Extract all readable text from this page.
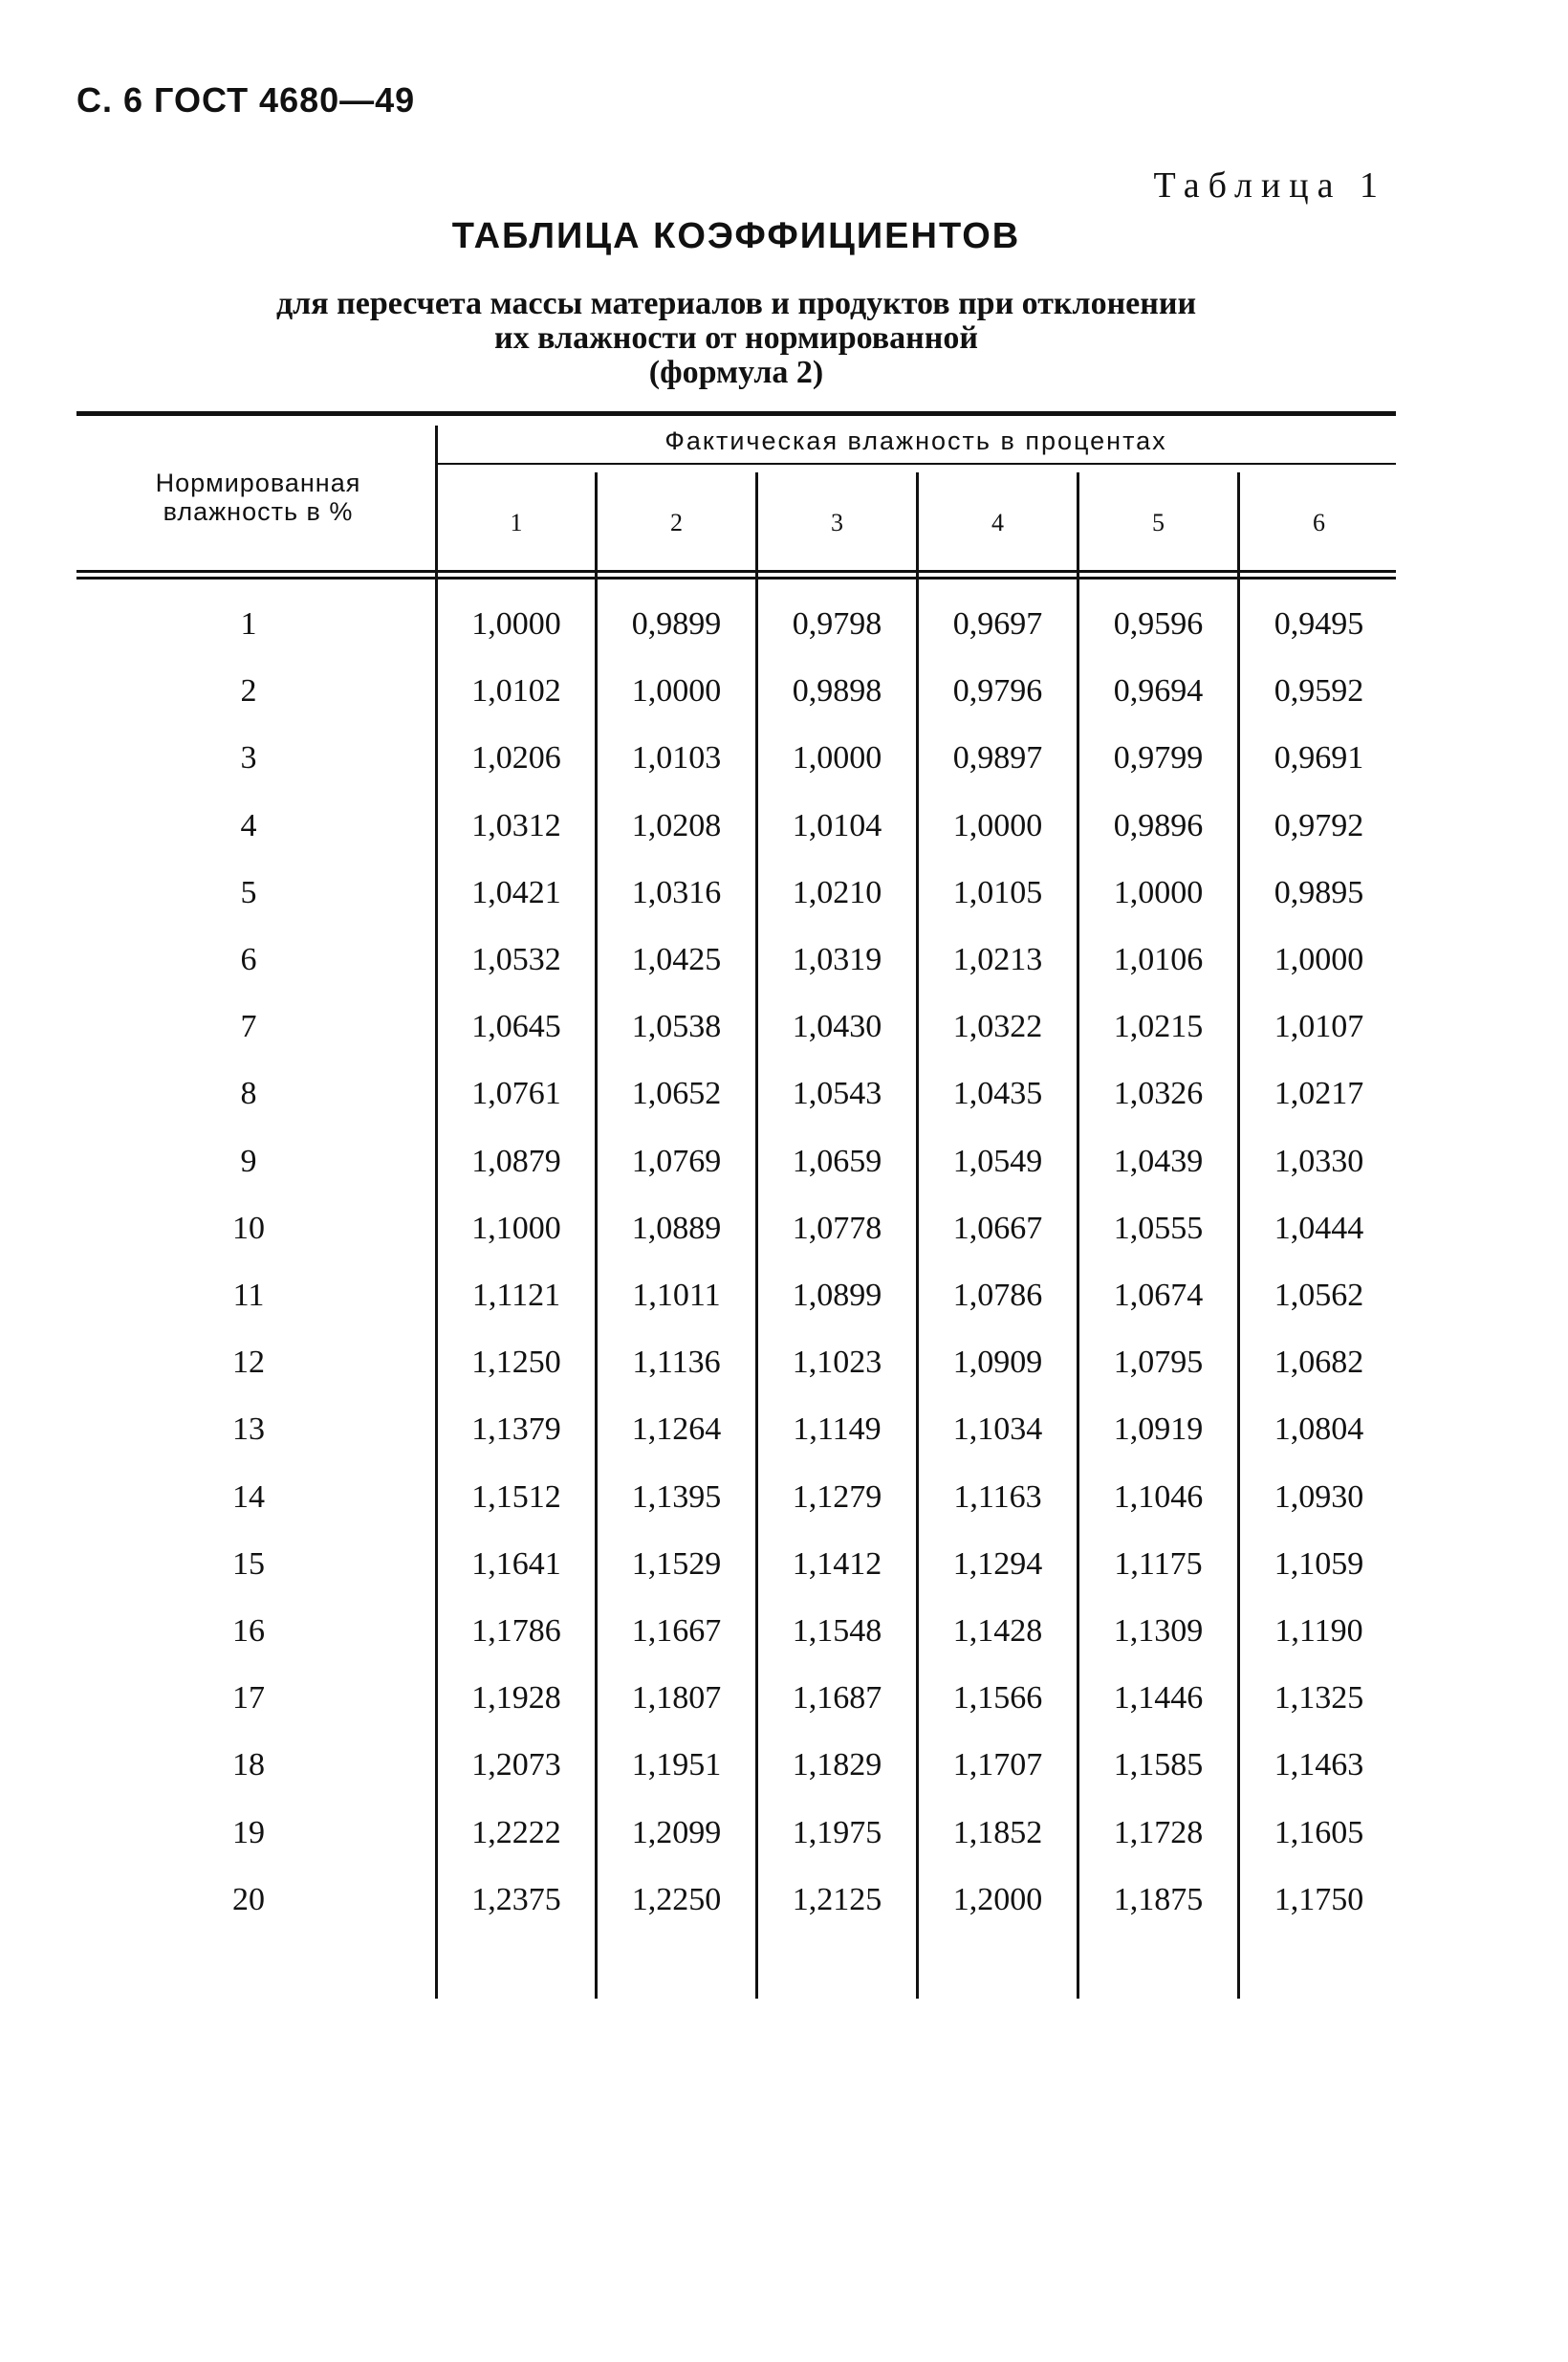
С. 6 ГОСТ 4680—49
Таблица 1
ТАБЛИЦА КОЭФФИЦИЕНТОВ
для пересчета массы материалов и продуктов при отклонении
их влажности от нормированной
(формула 2)
Нормированная
влажность в %
Фактическая влажность в процентах
1	2	3	4	5	6
1	1,0000	0,9899	0,9798	0,9697	0,9596	0,9495
2	1,0102	1,0000	0,9898	0,9796	0,9694	0,9592
3	1,0206	1,0103	1,0000	0,9897	0,9799	0,9691
4	1,0312	1,0208	1,0104	1,0000	0,9896	0,9792
5	1,0421	1,0316	1,0210	1,0105	1,0000	0,9895
6	1,0532	1,0425	1,0319	1,0213	1,0106	1,0000
7	1,0645	1,0538	1,0430	1,0322	1,0215	1,0107
8	1,0761	1,0652	1,0543	1,0435	1,0326	1,0217
9	1,0879	1,0769	1,0659	1,0549	1,0439	1,0330
10	1,1000	1,0889	1,0778	1,0667	1,0555	1,0444
11	1,1121	1,1011	1,0899	1,0786	1,0674	1,0562
12	1,1250	1,1136	1,1023	1,0909	1,0795	1,0682
13	1,1379	1,1264	1,1149	1,1034	1,0919	1,0804
14	1,1512	1,1395	1,1279	1,1163	1,1046	1,0930
15	1,1641	1,1529	1,1412	1,1294	1,1175	1,1059
16	1,1786	1,1667	1,1548	1,1428	1,1309	1,1190
17	1,1928	1,1807	1,1687	1,1566	1,1446	1,1325
18	1,2073	1,1951	1,1829	1,1707	1,1585	1,1463
19	1,2222	1,2099	1,1975	1,1852	1,1728	1,1605
20	1,2375	1,2250	1,2125	1,2000	1,1875	1,1750
